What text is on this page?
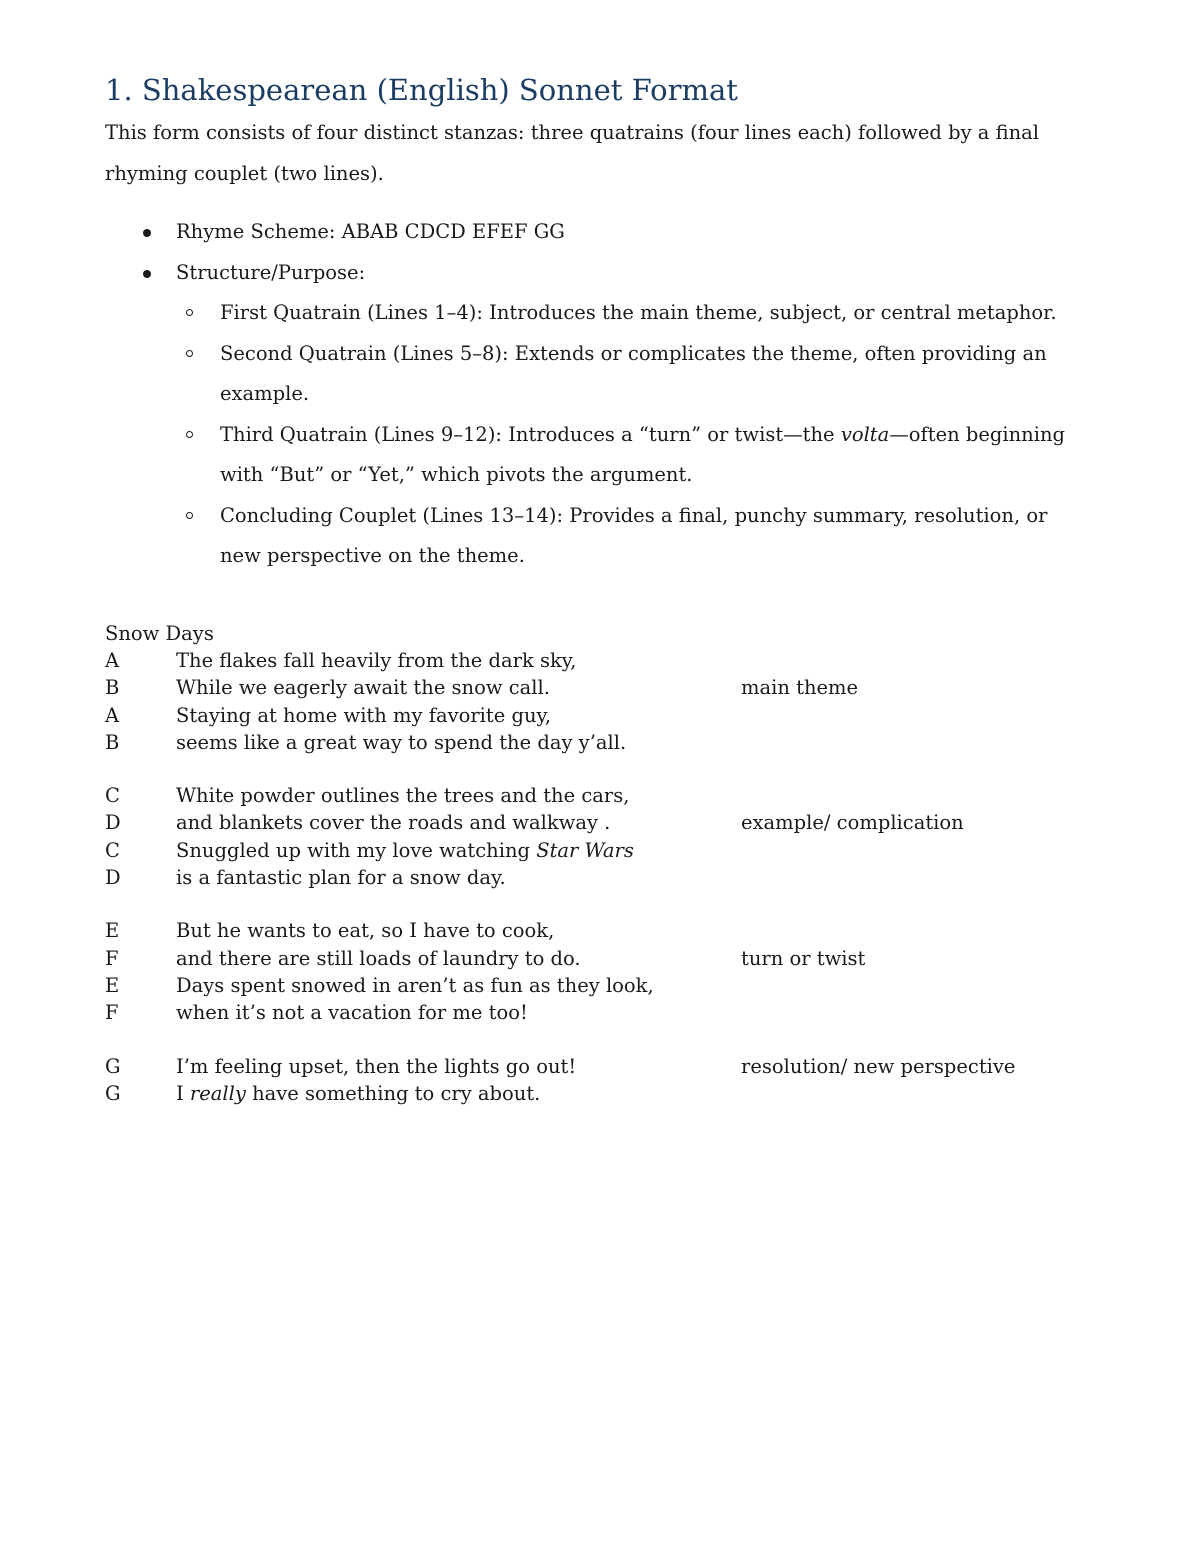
1. Shakespearean (English) Sonnet Format

This form consists of four distinct stanzas: three quatrains (four lines each) followed by a final rhyming couplet (two lines).

Rhyme Scheme: ABAB CDCD EFEF GG
Structure/Purpose:
First Quatrain (Lines 1–4): Introduces the main theme, subject, or central metaphor.
Second Quatrain (Lines 5–8): Extends or complicates the theme, often providing an example.
Third Quatrain (Lines 9–12): Introduces a “turn” or twist—the volta—often beginning with “But” or “Yet,” which pivots the argument.
Concluding Couplet (Lines 13–14): Provides a final, punchy summary, resolution, or new perspective on the theme.
Snow Days
A	The flakes fall heavily from the dark sky,
B	While we eagerly await the snow call.	main theme
A	Staying at home with my favorite guy,
B	seems like a great way to spend the day y’all.
C	White powder outlines the trees and the cars,
D	and blankets cover the roads and walkway .	example/ complication
C	Snuggled up with my love watching Star Wars
D	is a fantastic plan for a snow day.
E	But he wants to eat, so I have to cook,
F	and there are still loads of laundry to do.	turn or twist
E	Days spent snowed in aren’t as fun as they look,
F	when it’s not a vacation for me too!
G	I’m feeling upset, then the lights go out!	resolution/ new perspective
G	I really have something to cry about.
